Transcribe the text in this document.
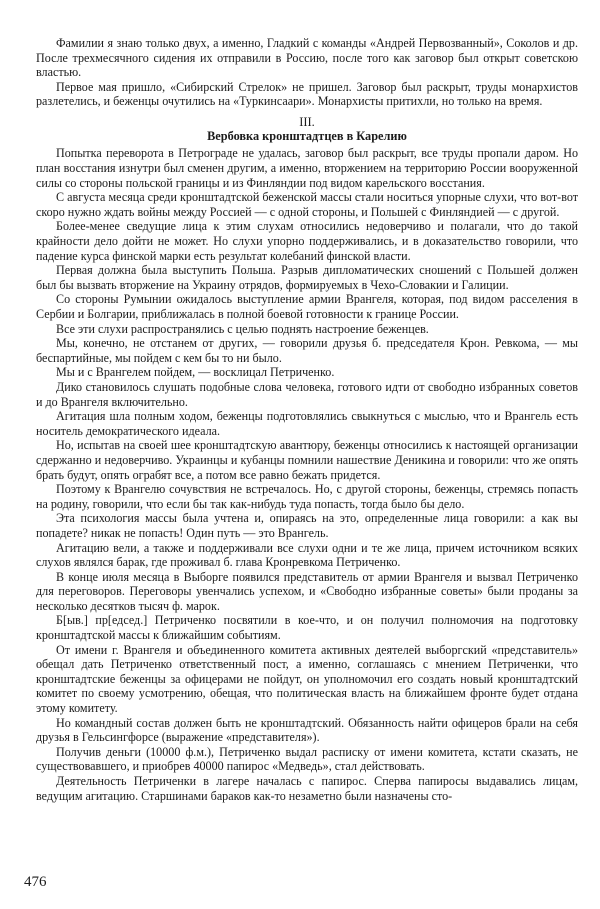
Фамилии я знаю только двух, а именно, Гладкий с команды «Андрей Первозванный», Соколов и др. После трехмесячного сидения их отправили в Россию, после того как заговор был открыт советскою властью.

Первое мая пришло, «Сибирский Стрелок» не пришел. Заговор был раскрыт, труды монархистов разлетелись, и беженцы очутились на «Туркинсаари». Монархисты притихли, но только на время.

III.
Вербовка кронштадтцев в Карелию

Попытка переворота в Петрограде не удалась, заговор был раскрыт, все труды пропали даром. Но план восстания изнутри был сменен другим, а именно, вторжением на территорию России вооруженной силы со стороны польской границы и из Финляндии под видом карельского восстания.

С августа месяца среди кронштадтской беженской массы стали носиться упорные слухи, что вот-вот скоро нужно ждать войны между Россией — с одной стороны, и Польшей с Финляндией — с другой.

Более-менее сведущие лица к этим слухам относились недоверчиво и полагали, что до такой крайности дело дойти не может. Но слухи упорно поддерживались, и в доказательство говорили, что падение курса финской марки есть результат колебаний финской власти.

Первая должна была выступить Польша. Разрыв дипломатических сношений с Польшей должен был бы вызвать вторжение на Украину отрядов, формируемых в Чехо-Словакии и Галиции.

Со стороны Румынии ожидалось выступление армии Врангеля, которая, под видом расселения в Сербии и Болгарии, приближалась в полной боевой готовности к границе России.

Все эти слухи распространялись с целью поднять настроение беженцев.

Мы, конечно, не отстанем от других, — говорили друзья б. председателя Крон. Ревкома, — мы беспартийные, мы пойдем с кем бы то ни было.

Мы и с Врангелем пойдем, — восклицал Петриченко.

Дико становилось слушать подобные слова человека, готового идти от свободно избранных советов и до Врангеля включительно.

Агитация шла полным ходом, беженцы подготовлялись свыкнуться с мыслью, что и Врангель есть носитель демократического идеала.

Но, испытав на своей шее кронштадтскую авантюру, беженцы относились к настоящей организации сдержанно и недоверчиво. Украинцы и кубанцы помнили нашествие Деникина и говорили: что же опять брать будут, опять ограбят все, а потом все равно бежать придется.

Поэтому к Врангелю сочувствия не встречалось. Но, с другой стороны, беженцы, стремясь попасть на родину, говорили, что если бы так как-нибудь туда попасть, тогда было бы дело.

Эта психология массы была учтена и, опираясь на это, определенные лица говорили: а как вы попадете? никак не попасть! Один путь — это Врангель.

Агитацию вели, а также и поддерживали все слухи одни и те же лица, причем источником всяких слухов являлся барак, где проживал б. глава Кронревкома Петриченко.

В конце июля месяца в Выборге появился представитель от армии Врангеля и вызвал Петриченко для переговоров. Переговоры увенчались успехом, и «Свободно избранные советы» были проданы за несколько десятков тысяч ф. марок.

Б[ыв.] пр[едсед.] Петриченко посвятили в кое-что, и он получил полномочия на подготовку кронштадтской массы к ближайшим событиям.

От имени г. Врангеля и объединенного комитета активных деятелей выборгский «представитель» обещал дать Петриченко ответственный пост, а именно, соглашаясь с мнением Петриченки, что кронштадтские беженцы за офицерами не пойдут, он уполномочил его создать новый кронштадтский комитет по своему усмотрению, обещая, что политическая власть на ближайшем фронте будет отдана этому комитету.

Но командный состав должен быть не кронштадтский. Обязанность найти офицеров брали на себя друзья в Гельсингфорсе (выражение «представителя»).

Получив деньги (10000 ф.м.), Петриченко выдал расписку от имени комитета, кстати сказать, не существовавшего, и приобрев 40000 папирос «Медведь», стал действовать.

Деятельность Петриченки в лагере началась с папирос. Сперва папиросы выдавались лицам, ведущим агитацию. Старшинами бараков как-то незаметно были назначены сто-

476
